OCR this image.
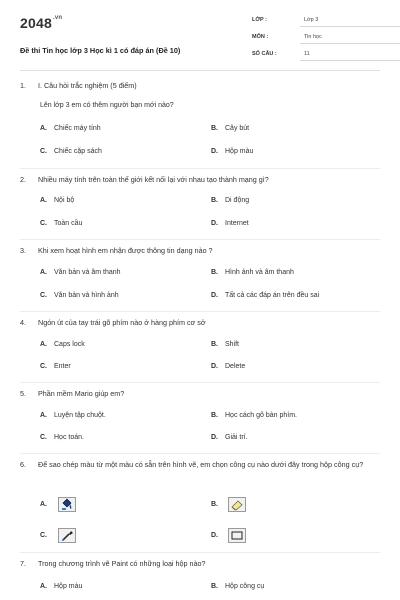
$2048^{.vn}$
Đề thi Tin học lớp 3 Học kì 1 có đáp án (Đề 10)
LỚP :	Lớp 3
MÔN :	Tin học
SỐ CÂU :	11
1. I. Câu hỏi trắc nghiệm (5 điểm)
Lên lớp 3 em có thêm người bạn mới nào?
A. Chiếc máy tính	B. Cây bút
C. Chiếc cặp sách	D. Hộp màu
2. Nhiều máy tính trên toàn thế giới kết nối lại với nhau tạo thành mạng gì?
A. Nội bộ	B. Di động
C. Toàn cầu	D. Internet
3. Khi xem hoạt hình em nhận được thông tin dạng nào ?
A. Văn bản và âm thanh	B. Hình ảnh và âm thanh
C. Văn bản và hình ảnh	D. Tất cả các đáp án trên đều sai
4. Ngón út của tay trái gõ phím nào ở hàng phím cơ sở
A. Caps lock	B. Shift
C. Enter	D. Delete
5. Phần mềm Mario giúp em?
A. Luyện tập chuột.	B. Học cách gõ bàn phím.
C. Học toán.	D. Giải trí.
6. Để sao chép màu từ một màu có sẵn trên hình vẽ, em chọn công cụ nào dưới đây trong hộp công cụ?
A.	B.
C.	D.
7. Trong chương trình vẽ Paint có những loại hộp nào?
A. Hộp màu	B. Hộp công cụ
